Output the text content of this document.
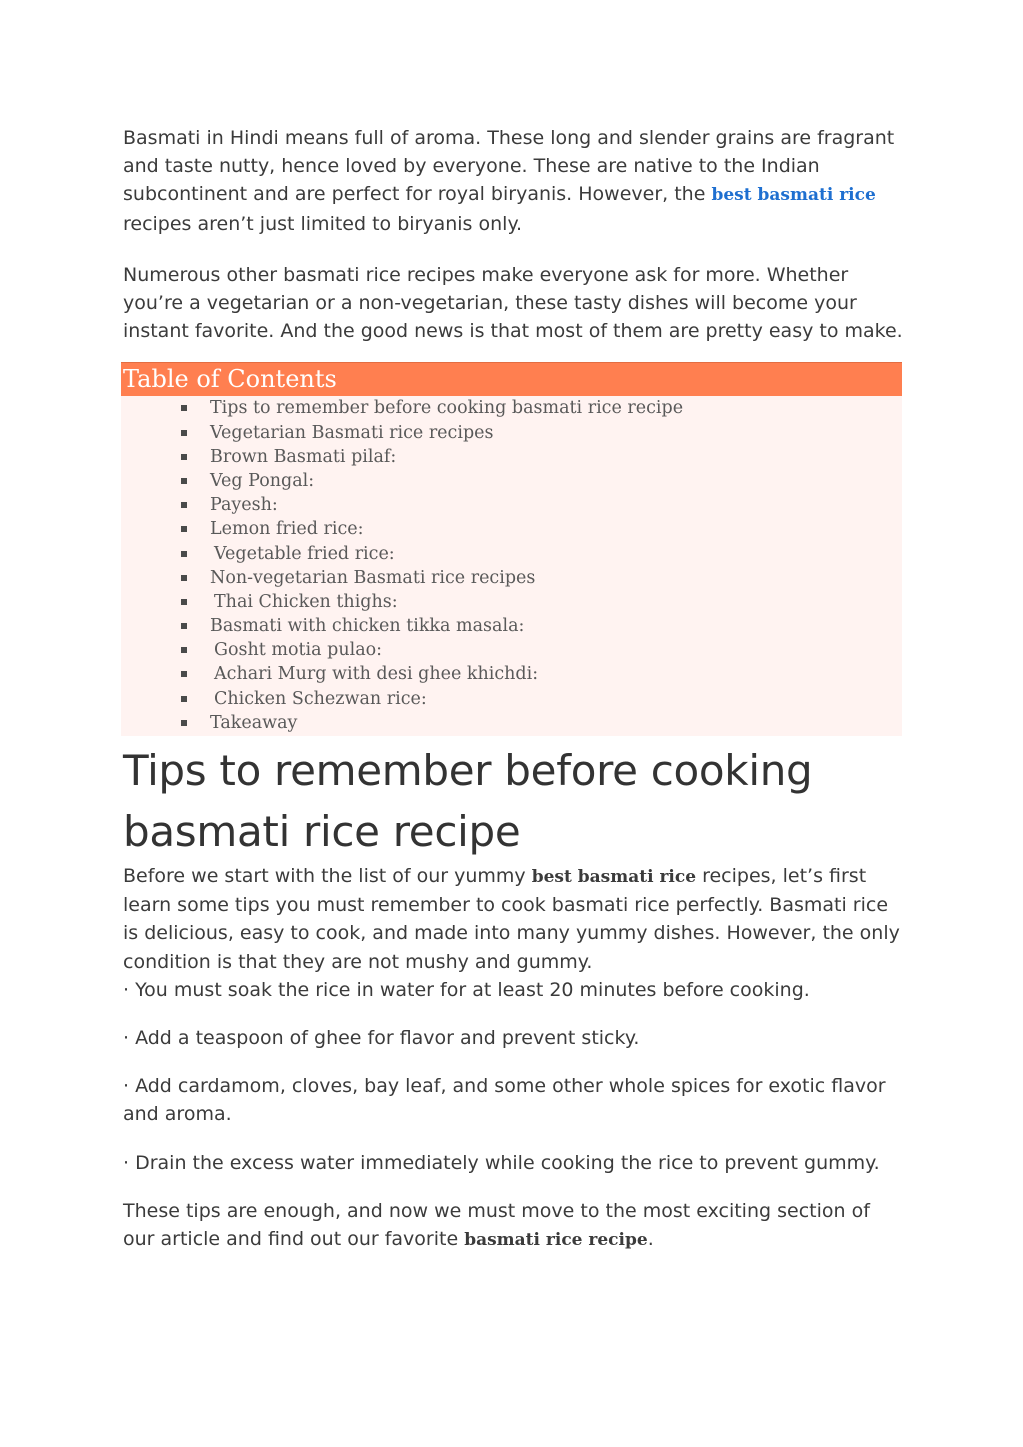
Basmati in Hindi means full of aroma. These long and slender grains are fragrant and taste nutty, hence loved by everyone. These are native to the Indian subcontinent and are perfect for royal biryanis. However, the best basmati rice recipes aren’t just limited to biryanis only.

Numerous other basmati rice recipes make everyone ask for more. Whether you’re a vegetarian or a non-vegetarian, these tasty dishes will become your instant favorite. And the good news is that most of them are pretty easy to make.

Table of Contents
Tips to remember before cooking basmati rice recipe
Vegetarian Basmati rice recipes
Brown Basmati pilaf:
Veg Pongal:
Payesh:
Lemon fried rice:
Vegetable fried rice:
Non-vegetarian Basmati rice recipes
Thai Chicken thighs:
Basmati with chicken tikka masala:
Gosht motia pulao:
Achari Murg with desi ghee khichdi:
Chicken Schezwan rice:
Takeaway
Tips to remember before cooking basmati rice recipe

Before we start with the list of our yummy best basmati rice recipes, let’s first learn some tips you must remember to cook basmati rice perfectly. Basmati rice is delicious, easy to cook, and made into many yummy dishes. However, the only condition is that they are not mushy and gummy.

· You must soak the rice in water for at least 20 minutes before cooking.

· Add a teaspoon of ghee for flavor and prevent sticky.

· Add cardamom, cloves, bay leaf, and some other whole spices for exotic flavor and aroma.

· Drain the excess water immediately while cooking the rice to prevent gummy.

These tips are enough, and now we must move to the most exciting section of our article and find out our favorite basmati rice recipe.
